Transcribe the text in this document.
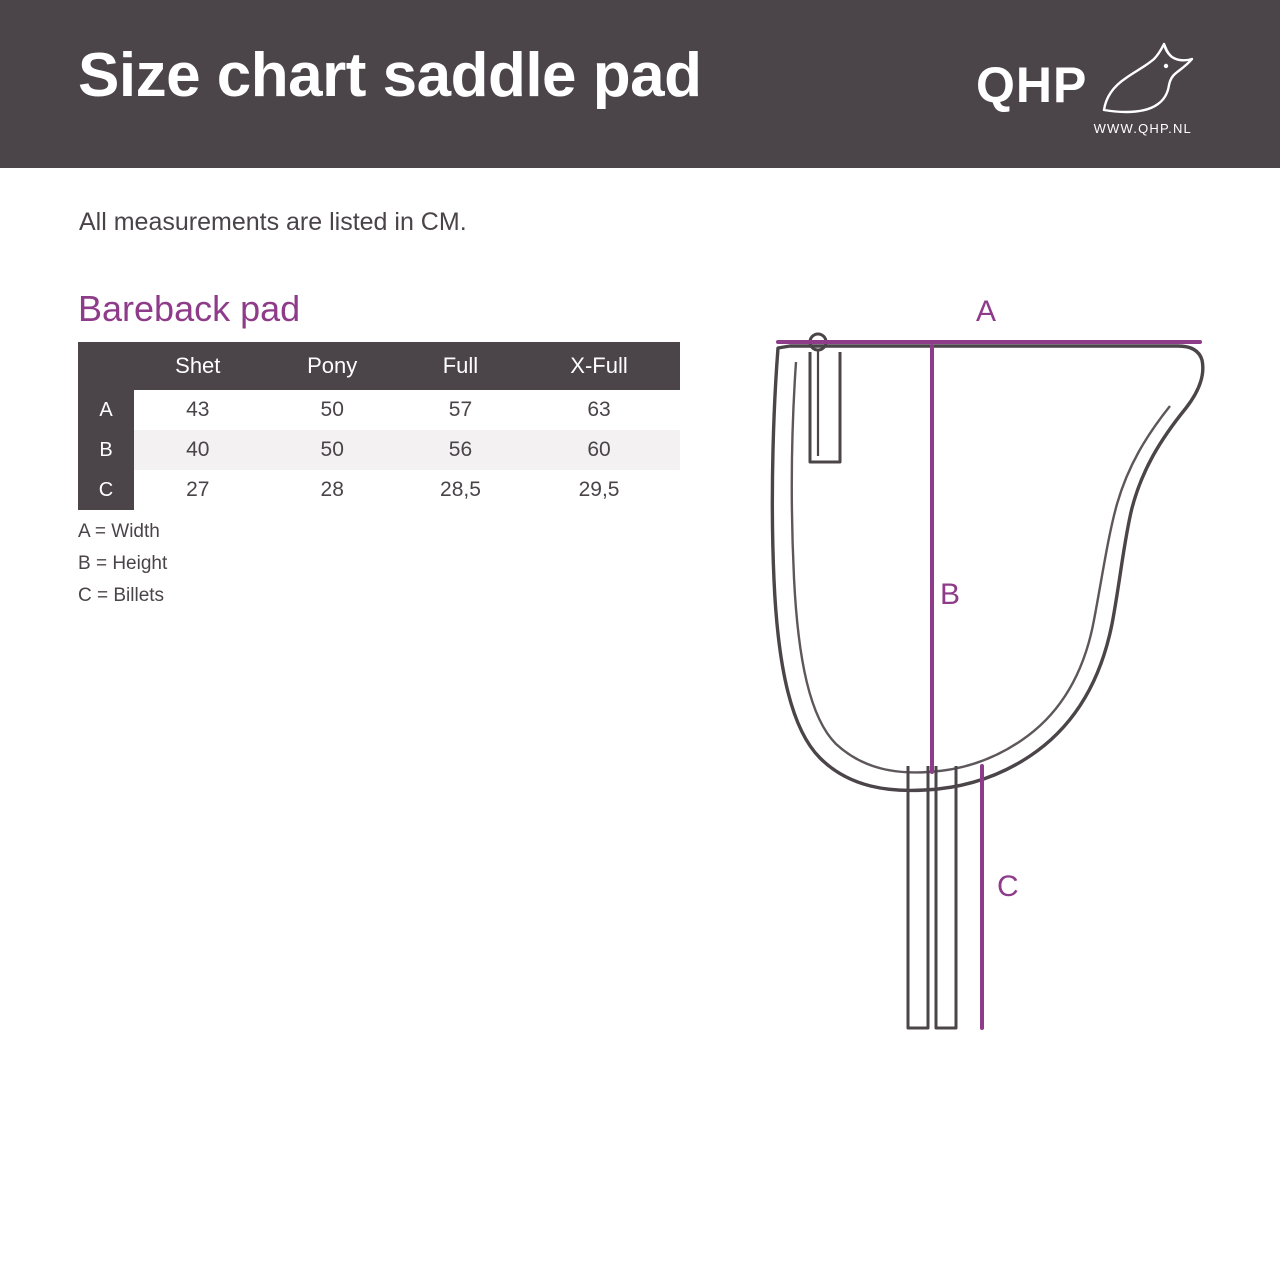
Size chart saddle pad	QHP
WWW.QHP.NL
All measurements are listed in CM.
Bareback pad
	Shet	Pony	Full	X-Full
A	43	50	57	63
B	40	50	56	60
C	27	28	28,5	29,5
A = Width
B = Height
C = Billets
A
B
C
